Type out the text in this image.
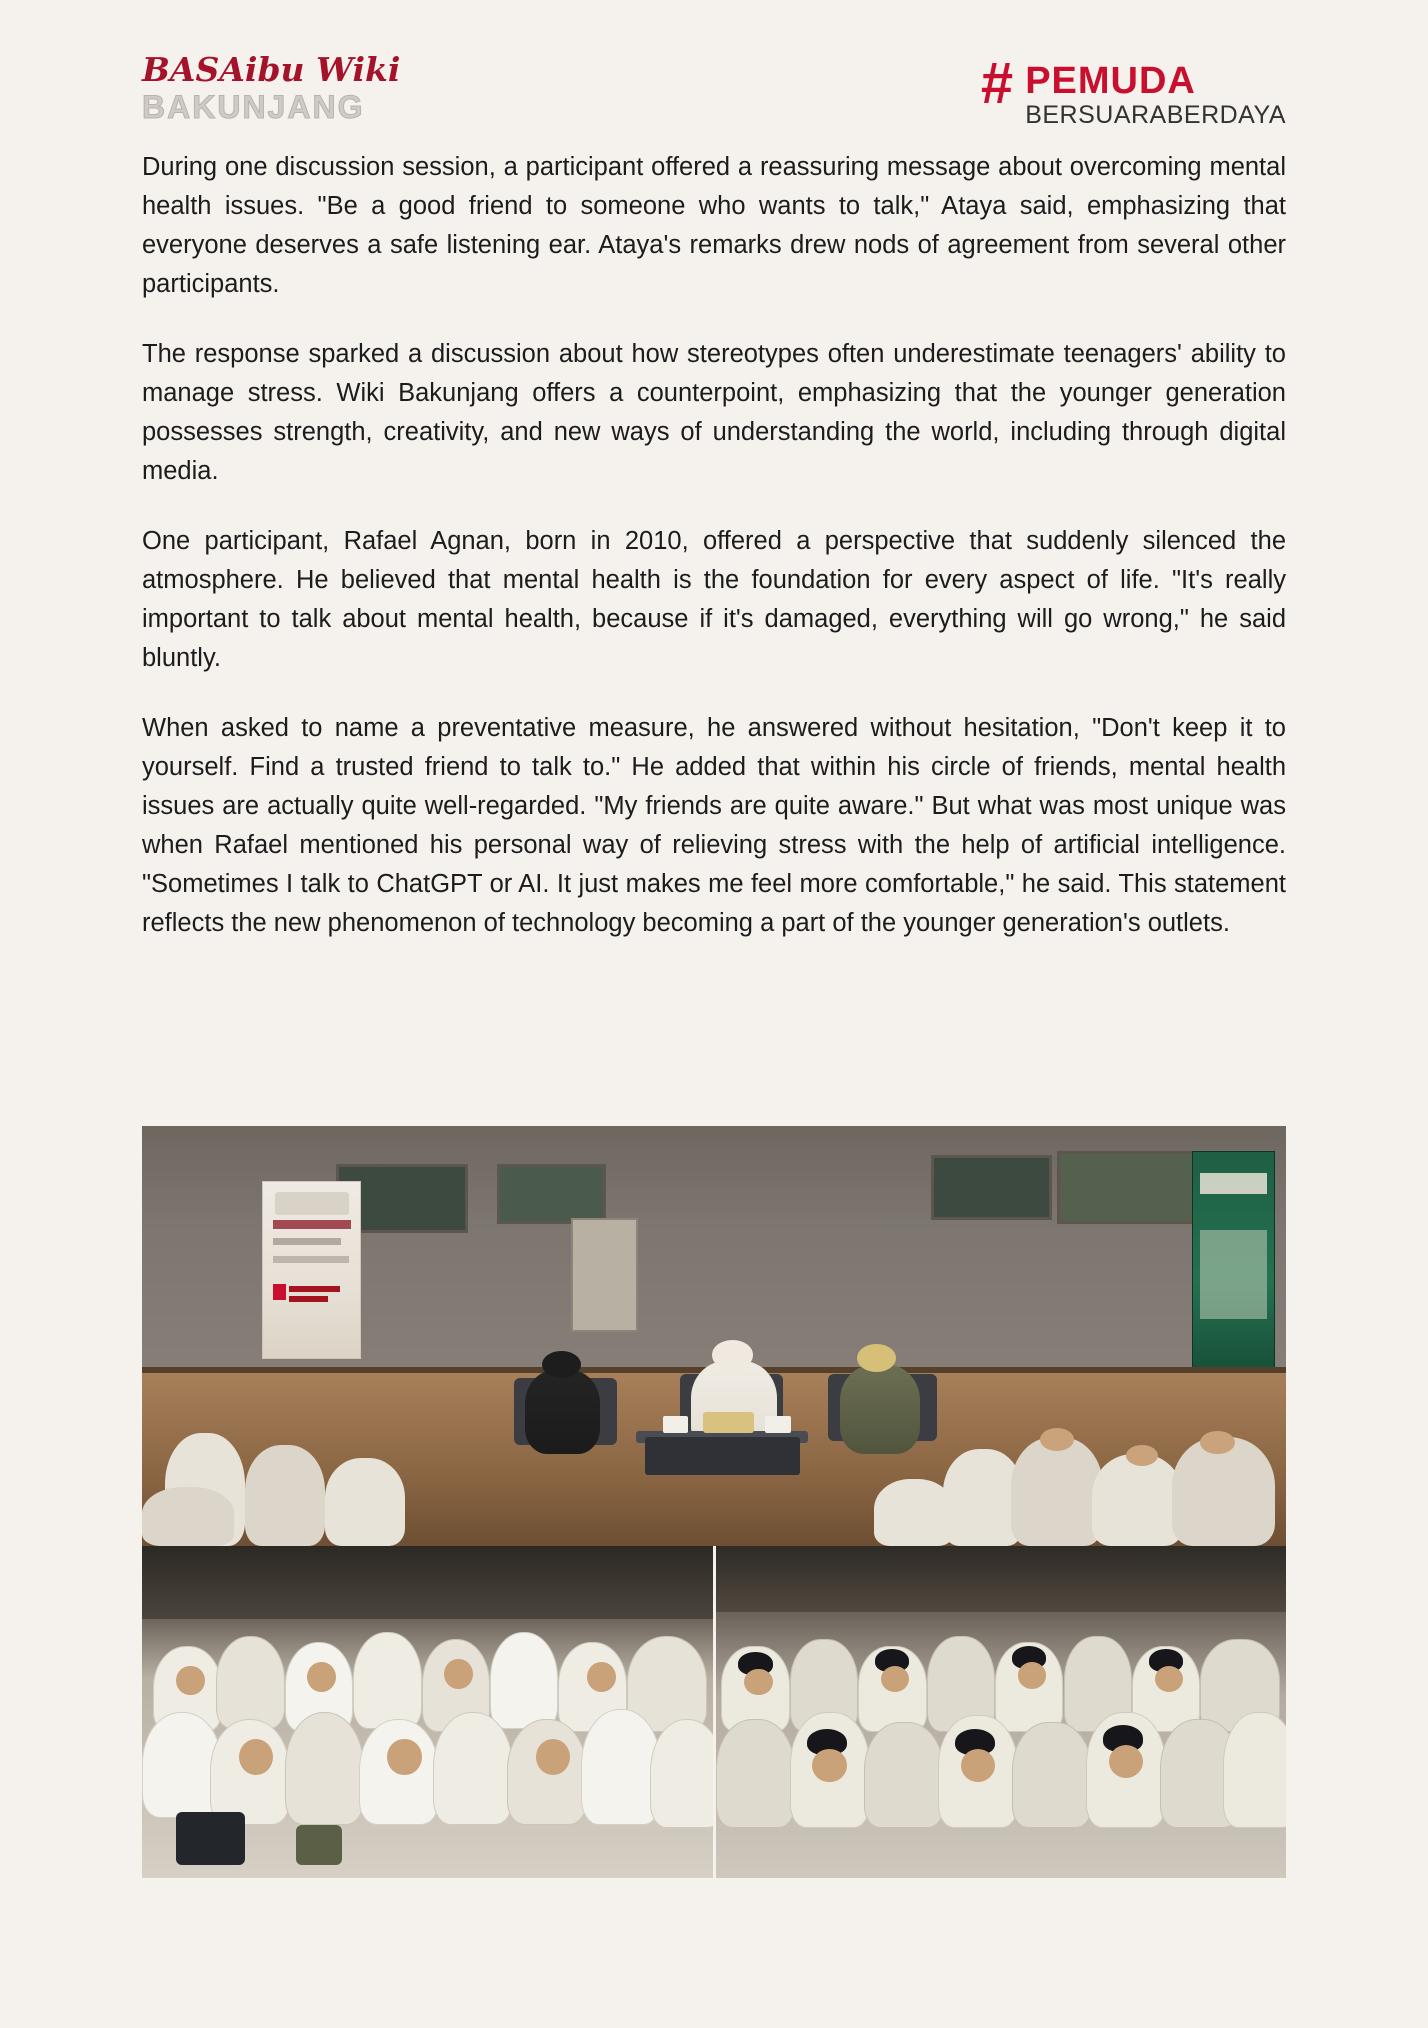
BASAibu Wiki
BAKUNJANG	# PEMUDA
BERSUARABERDAYA

During one discussion session, a participant offered a reassuring message about overcoming mental health issues. "Be a good friend to someone who wants to talk," Ataya said, emphasizing that everyone deserves a safe listening ear. Ataya's remarks drew nods of agreement from several other participants.

The response sparked a discussion about how stereotypes often underestimate teenagers' ability to manage stress. Wiki Bakunjang offers a counterpoint, emphasizing that the younger generation possesses strength, creativity, and new ways of understanding the world, including through digital media.

One participant, Rafael Agnan, born in 2010, offered a perspective that suddenly silenced the atmosphere. He believed that mental health is the foundation for every aspect of life. "It's really important to talk about mental health, because if it's damaged, everything will go wrong," he said bluntly.

When asked to name a preventative measure, he answered without hesitation, "Don't keep it to yourself. Find a trusted friend to talk to." He added that within his circle of friends, mental health issues are actually quite well-regarded. "My friends are quite aware." But what was most unique was when Rafael mentioned his personal way of relieving stress with the help of artificial intelligence. "Sometimes I talk to ChatGPT or AI. It just makes me feel more comfortable," he said. This statement reflects the new phenomenon of technology becoming a part of the younger generation's outlets.
